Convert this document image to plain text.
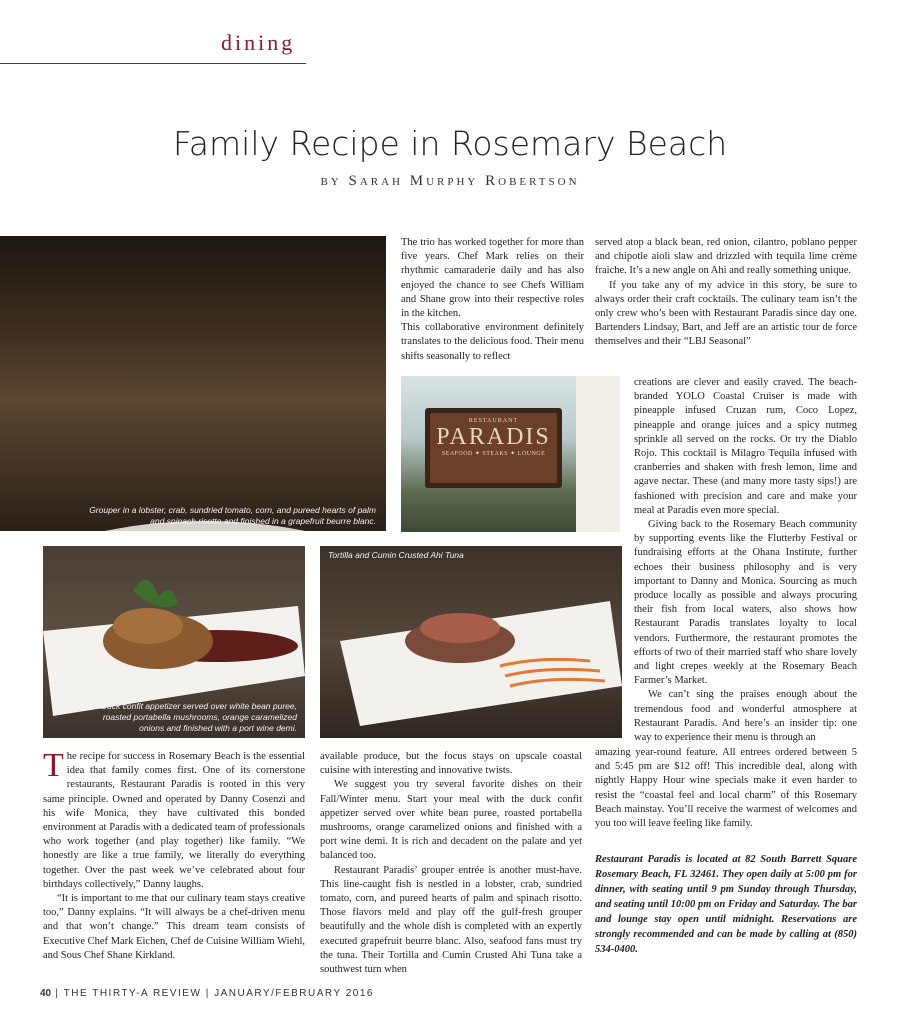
dining
Family Recipe in Rosemary Beach
by Sarah Murphy Robertson
Grouper in a lobster, crab, sundried tomato, corn, and pureed hearts of palm and spinach risotto and finished in a grapefruit beurre blanc.
RESTAURANT
PARADIS
SEAFOOD ✦ STEAKS ✦ LOUNGE
Duck confit appetizer served over white bean puree, roasted portabella mushrooms, orange caramelized onions and finished with a port wine demi.
Tortilla and Cumin Crusted Ahi Tuna

The recipe for success in Rosemary Beach is the essential idea that family comes first. One of its cornerstone restaurants, Restaurant Paradis is rooted in this very same principle. Owned and operated by Danny Cosenzi and his wife Monica, they have cultivated this bonded environment at Paradis with a dedicated team of professionals who work together (and play together) like family. “We honestly are like a true family, we literally do everything together. Over the past week we’ve celebrated about four birthdays collectively,” Danny laughs.

“It is important to me that our culinary team stays creative too,” Danny explains. “It will always be a chef-driven menu and that won’t change.” This dream team consists of Executive Chef Mark Eichen, Chef de Cuisine William Wiehl, and Sous Chef Shane Kirkland.

The trio has worked together for more than five years. Chef Mark relies on their rhythmic camaraderie daily and has also enjoyed the chance to see Chefs William and Shane grow into their respective roles in the kitchen.

This collaborative environment definitely translates to the delicious food. Their menu shifts seasonally to reflect

available produce, but the focus stays on upscale coastal cuisine with interesting and innovative twists.

We suggest you try several favorite dishes on their Fall/Winter menu. Start your meal with the duck confit appetizer served over white bean puree, roasted portabella mushrooms, orange caramelized onions and finished with a port wine demi. It is rich and decadent on the palate and yet balanced too.

Restaurant Paradis’ grouper entrée is another must-have. This line-caught fish is nestled in a lobster, crab, sundried tomato, corn, and pureed hearts of palm and spinach risotto. Those flavors meld and play off the gulf-fresh grouper beautifully and the whole dish is completed with an expertly executed grapefruit beurre blanc. Also, seafood fans must try the tuna. Their Tortilla and Cumin Crusted Ahi Tuna take a southwest turn when

served atop a black bean, red onion, cilantro, poblano pepper and chipotle aioli slaw and drizzled with tequila lime crème fraiche. It’s a new angle on Ahi and really something unique.

If you take any of my advice in this story, be sure to always order their craft cocktails. The culinary team isn’t the only crew who’s been with Restaurant Paradis since day one. Bartenders Lindsay, Bart, and Jeff are an artistic tour de force themselves and their “LBJ Seasonal”

creations are clever and easily craved. The beach-branded YOLO Coastal Cruiser is made with pineapple infused Cruzan rum, Coco Lopez, pineapple and orange juices and a spicy nutmeg sprinkle all served on the rocks. Or try the Diablo Rojo. This cocktail is Milagro Tequila infused with cranberries and shaken with fresh lemon, lime and agave nectar. These (and many more tasty sips!) are fashioned with precision and care and make your meal at Paradis even more special.

Giving back to the Rosemary Beach community by supporting events like the Flutterby Festival or fundraising efforts at the Ohana Institute, further echoes their business philosophy and is very important to Danny and Monica. Sourcing as much produce locally as possible and always procuring their fish from local waters, also shows how Restaurant Paradis translates loyalty to local vendors. Furthermore, the restaurant promotes the efforts of two of their married staff who share lovely and light crepes weekly at the Rosemary Beach Farmer’s Market.

We can’t sing the praises enough about the tremendous food and wonderful atmosphere at Restaurant Paradis. And here’s an insider tip: one way to experience their menu is through an

amazing year-round feature. All entrees ordered between 5 and 5:45 pm are $12 off! This incredible deal, along with nightly Happy Hour wine specials make it even harder to resist the “coastal feel and local charm” of this Rosemary Beach mainstay. You’ll receive the warmest of welcomes and you too will leave feeling like family.

Restaurant Paradis is located at 82 South Barrett Square Rosemary Beach, FL 32461. They open daily at 5:00 pm for dinner, with seating until 9 pm Sunday through Thursday, and seating until 10:00 pm on Friday and Saturday. The bar and lounge stay open until midnight. Reservations are strongly recommended and can be made by calling at (850) 534-0400.
40 | THE THIRTY-A REVIEW | JANUARY/FEBRUARY 2016
